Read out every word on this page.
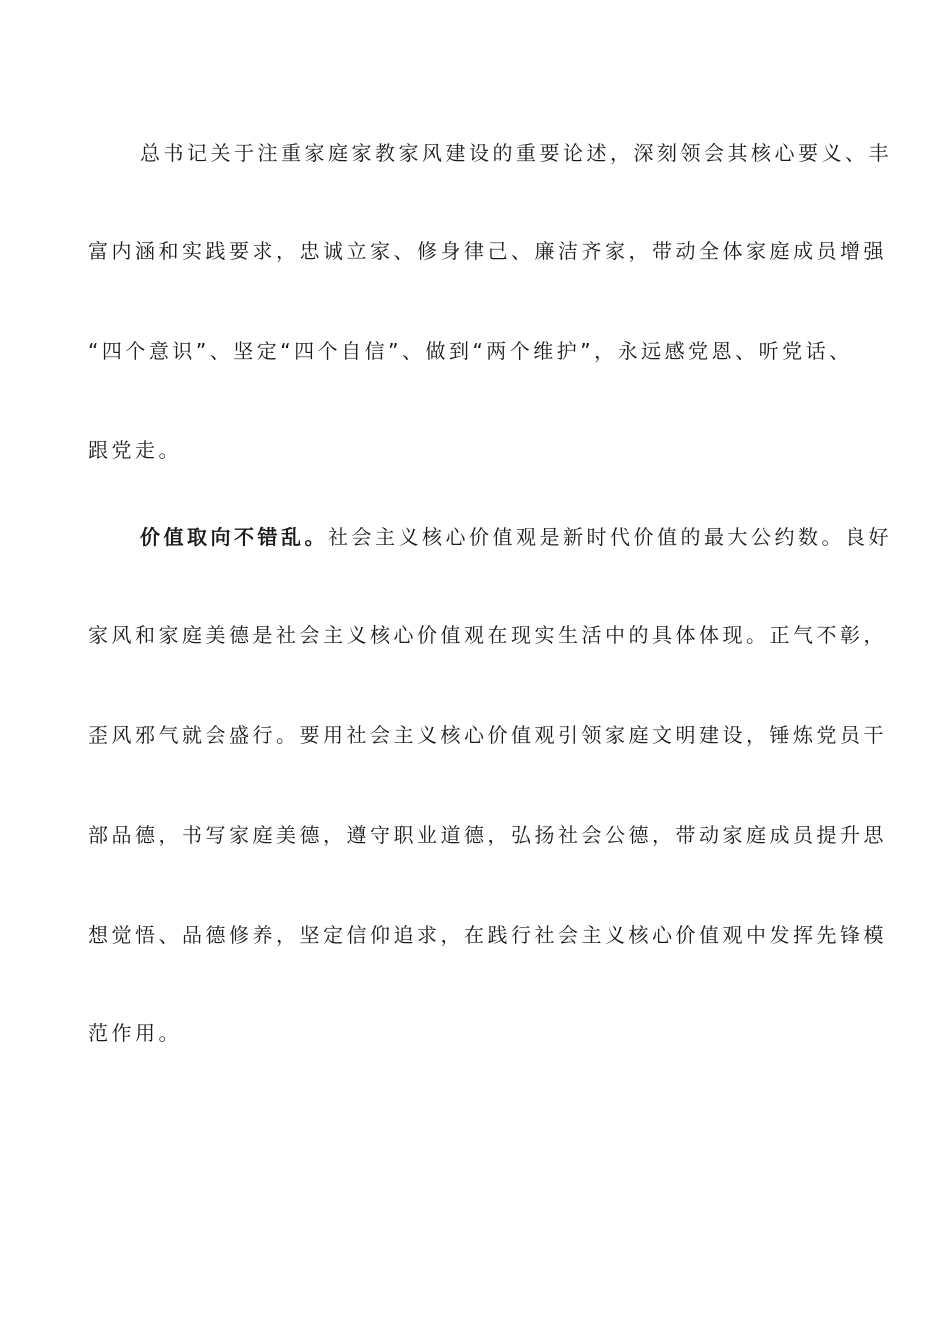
总书记关于注重家庭家教家风建设的重要论述，深刻领会其核心要义、丰
富内涵和实践要求，忠诚立家、修身律己、廉洁齐家，带动全体家庭成员增强
“四个意识”、坚定“四个自信”、做到“两个维护”，永远感党恩、听党话、
跟党走。
价值取向不错乱。社会主义核心价值观是新时代价值的最大公约数。良好
家风和家庭美德是社会主义核心价值观在现实生活中的具体体现。正气不彰，
歪风邪气就会盛行。要用社会主义核心价值观引领家庭文明建设，锤炼党员干
部品德，书写家庭美德，遵守职业道德，弘扬社会公德，带动家庭成员提升思
想觉悟、品德修养，坚定信仰追求，在践行社会主义核心价值观中发挥先锋模
范作用。
